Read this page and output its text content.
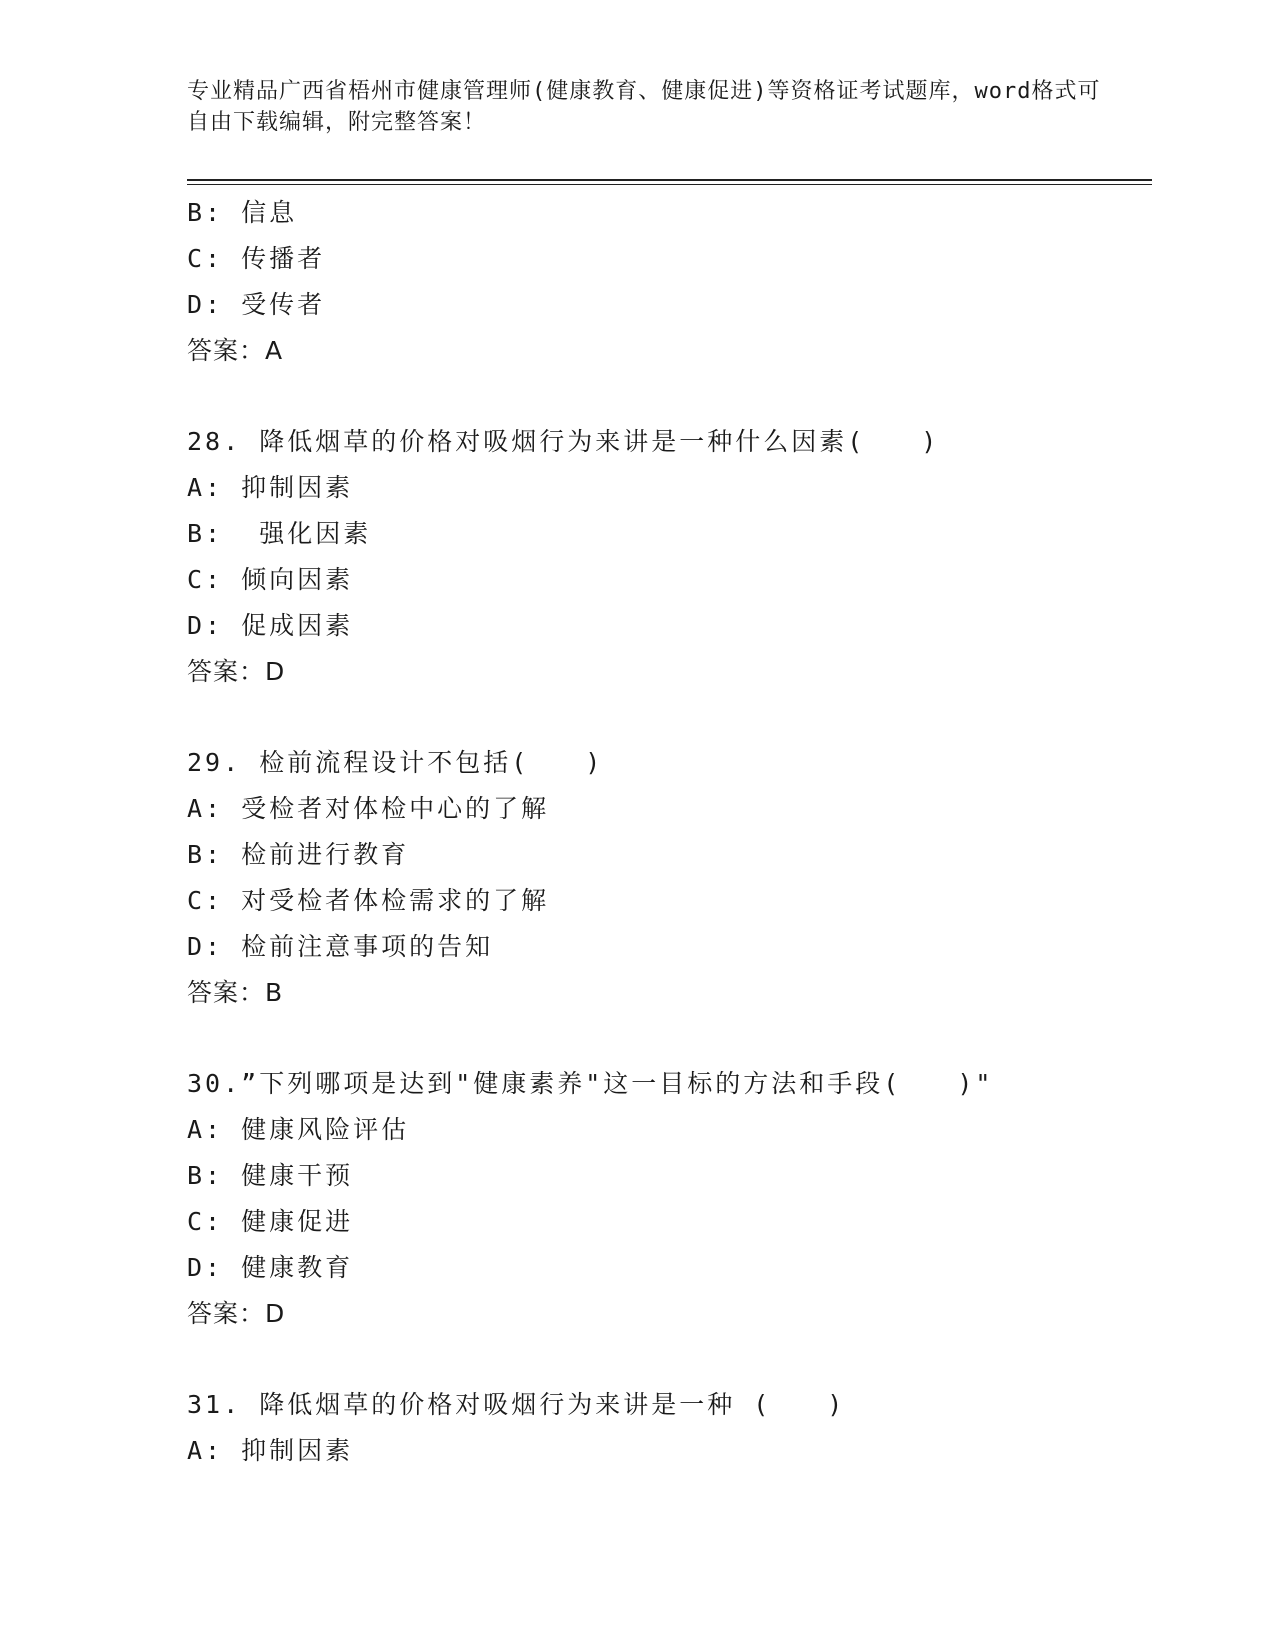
专业精品广西省梧州市健康管理师(健康教育、健康促进)等资格证考试题库，word格式可自由下载编辑，附完整答案！
B: 信息
C: 传播者
D: 受传者
答案：A
28. 降低烟草的价格对吸烟行为来讲是一种什么因素(　　)
A: 抑制因素
B:  强化因素
C: 倾向因素
D: 促成因素
答案：D
29. 检前流程设计不包括(　　)
A: 受检者对体检中心的了解
B: 检前进行教育
C: 对受检者体检需求的了解
D: 检前注意事项的告知
答案：B
30.”下列哪项是达到"健康素养"这一目标的方法和手段(　　)"
A: 健康风险评估
B: 健康干预
C: 健康促进
D: 健康教育
答案：D
31. 降低烟草的价格对吸烟行为来讲是一种 (　　)
A: 抑制因素
